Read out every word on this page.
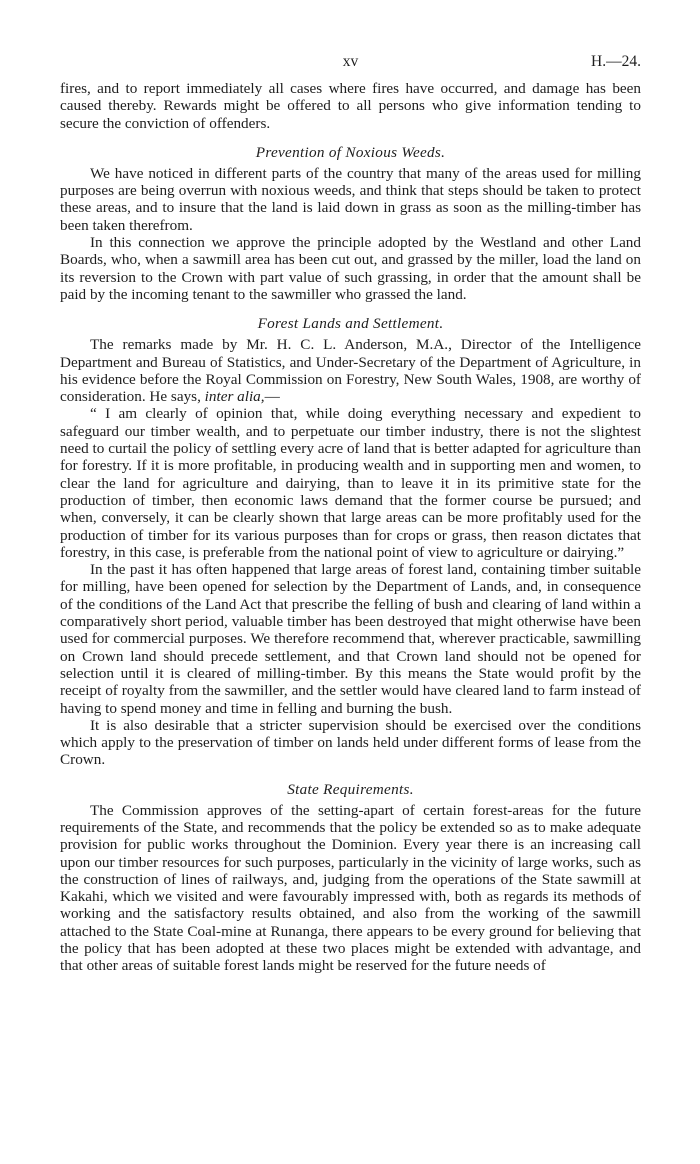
xv	H.—24.

fires, and to report immediately all cases where fires have occurred, and damage has been caused thereby. Rewards might be offered to all persons who give information tending to secure the conviction of offenders.

Prevention of Noxious Weeds.

We have noticed in different parts of the country that many of the areas used for milling purposes are being overrun with noxious weeds, and think that steps should be taken to protect these areas, and to insure that the land is laid down in grass as soon as the milling-timber has been taken therefrom.

In this connection we approve the principle adopted by the Westland and other Land Boards, who, when a sawmill area has been cut out, and grassed by the miller, load the land on its reversion to the Crown with part value of such grassing, in order that the amount shall be paid by the incoming tenant to the sawmiller who grassed the land.

Forest Lands and Settlement.

The remarks made by Mr. H. C. L. Anderson, M.A., Director of the Intelligence Department and Bureau of Statistics, and Under-Secretary of the Department of Agriculture, in his evidence before the Royal Commission on Forestry, New South Wales, 1908, are worthy of consideration. He says, inter alia,—

“ I am clearly of opinion that, while doing everything necessary and expedient to safeguard our timber wealth, and to perpetuate our timber industry, there is not the slightest need to curtail the policy of settling every acre of land that is better adapted for agriculture than for forestry. If it is more profitable, in producing wealth and in supporting men and women, to clear the land for agriculture and dairying, than to leave it in its primitive state for the production of timber, then economic laws demand that the former course be pursued; and when, conversely, it can be clearly shown that large areas can be more profitably used for the production of timber for its various purposes than for crops or grass, then reason dictates that forestry, in this case, is preferable from the national point of view to agriculture or dairying.”

In the past it has often happened that large areas of forest land, containing timber suitable for milling, have been opened for selection by the Department of Lands, and, in consequence of the conditions of the Land Act that prescribe the felling of bush and clearing of land within a comparatively short period, valuable timber has been destroyed that might otherwise have been used for commercial purposes. We therefore recommend that, wherever practicable, sawmilling on Crown land should precede settlement, and that Crown land should not be opened for selection until it is cleared of milling-timber. By this means the State would profit by the receipt of royalty from the sawmiller, and the settler would have cleared land to farm instead of having to spend money and time in felling and burning the bush.

It is also desirable that a stricter supervision should be exercised over the conditions which apply to the preservation of timber on lands held under different forms of lease from the Crown.

State Requirements.

The Commission approves of the setting-apart of certain forest-areas for the future requirements of the State, and recommends that the policy be extended so as to make adequate provision for public works throughout the Dominion. Every year there is an increasing call upon our timber resources for such purposes, particularly in the vicinity of large works, such as the construction of lines of railways, and, judging from the operations of the State sawmill at Kakahi, which we visited and were favourably impressed with, both as regards its methods of working and the satisfactory results obtained, and also from the working of the sawmill attached to the State Coal-mine at Runanga, there appears to be every ground for believing that the policy that has been adopted at these two places might be extended with advantage, and that other areas of suitable forest lands might be reserved for the future needs of
